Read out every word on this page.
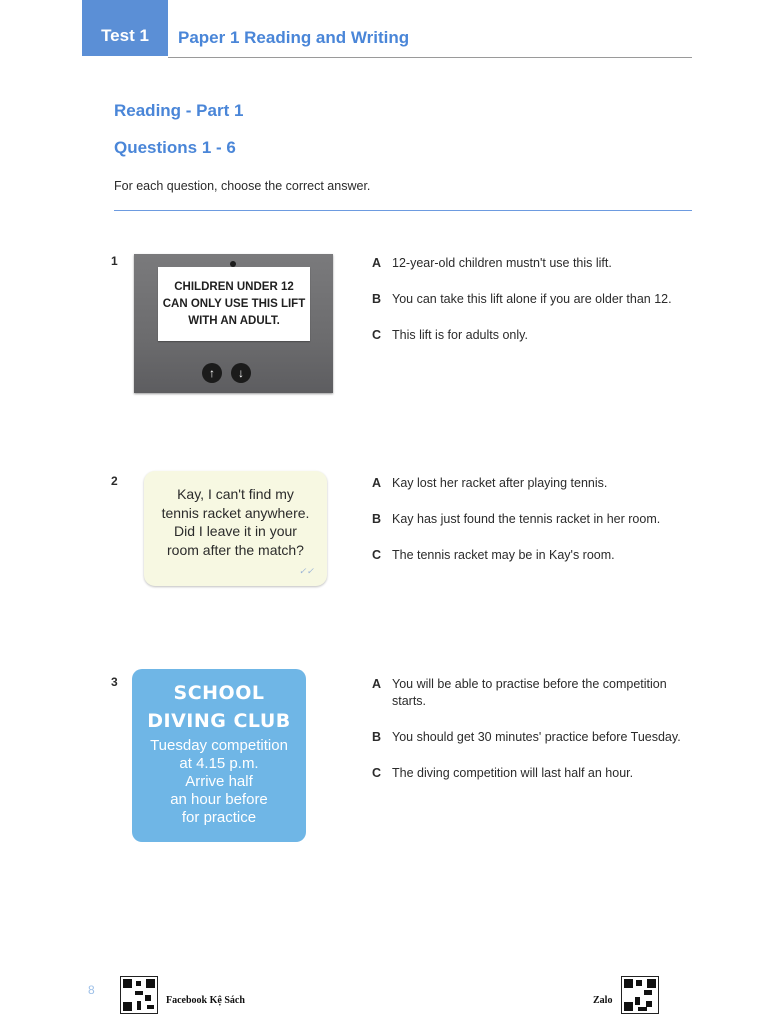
Test 1	Paper 1 Reading and Writing
Reading - Part 1
Questions 1 - 6
For each question, choose the correct answer.
1
CHILDREN UNDER 12
CAN ONLY USE THIS LIFT
WITH AN ADULT.
↑	↓
A 12-year-old children mustn't use this lift.
B You can take this lift alone if you are older than 12.
C This lift is for adults only.
2
Kay, I can't find my
tennis racket anywhere.
Did I leave it in your
room after the match?
✓✓
A Kay lost her racket after playing tennis.
B Kay has just found the tennis racket in her room.
C The tennis racket may be in Kay's room.
3	SCHOOL
DIVING CLUB
Tuesday competition
at 4.15 p.m.
Arrive half
an hour before
for practice
A You will be able to practise before the competition starts.
B You should get 30 minutes' practice before Tuesday.
C The diving competition will last half an hour.
8
Facebook Kệ Sách	Zalo
